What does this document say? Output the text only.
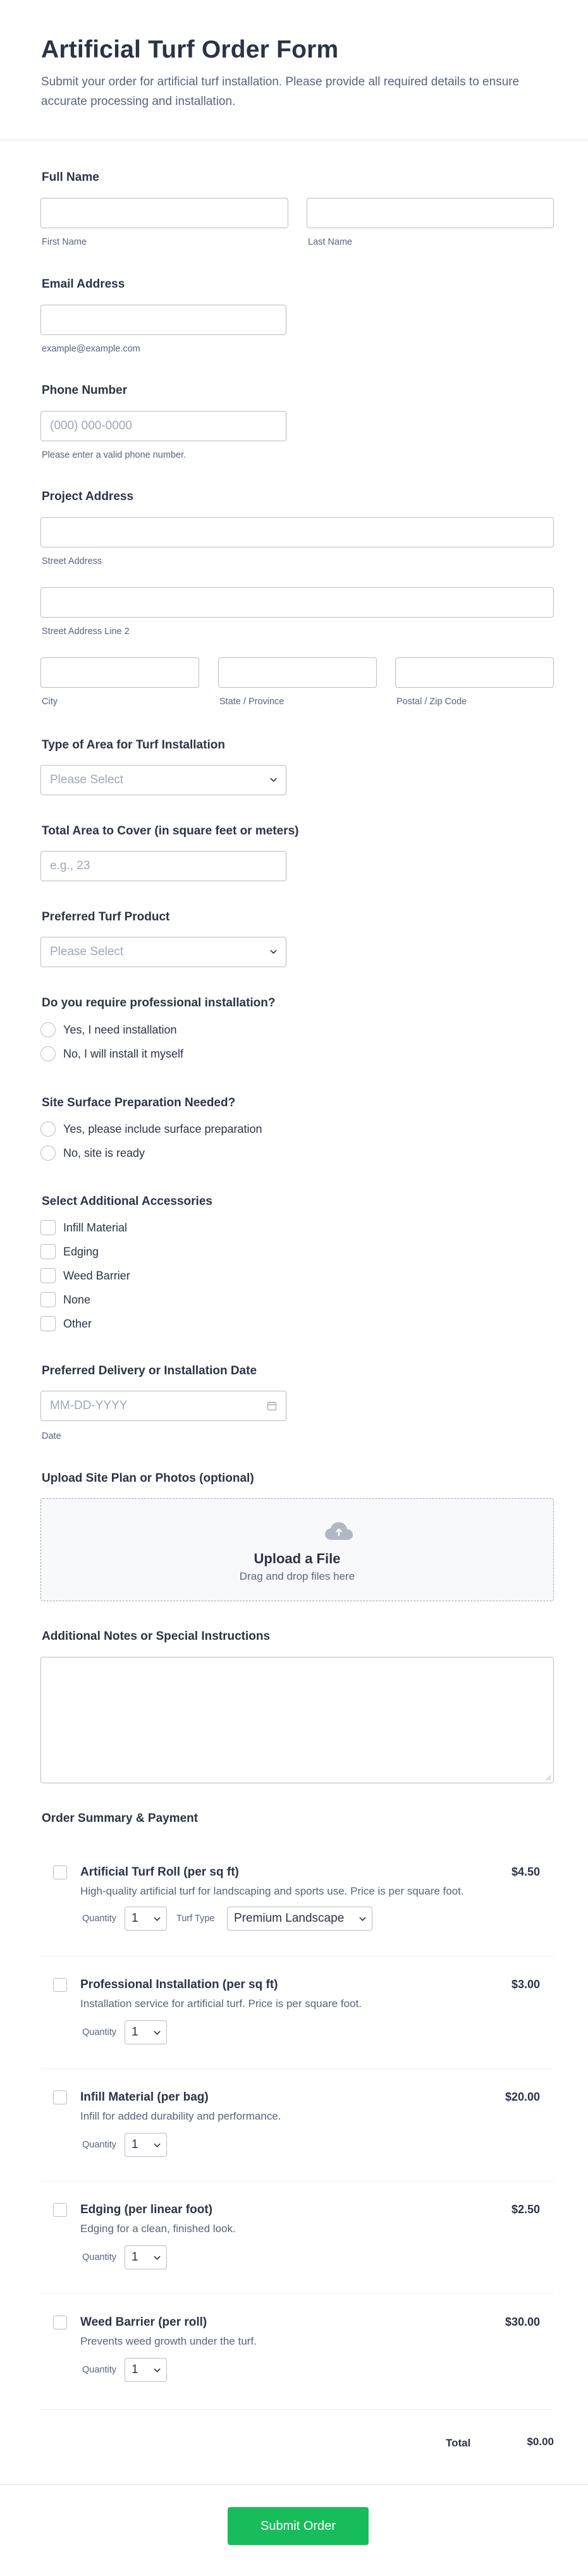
Artificial Turf Order Form

Submit your order for artificial turf installation. Please provide all required details to ensure accurate processing and installation.

Full Name
First Name	Last Name
Email Address
example@example.com
Phone Number
(000) 000-0000
Please enter a valid phone number.
Project Address
Street Address
Street Address Line 2
City	State / Province	Postal / Zip Code
Type of Area for Turf Installation
Please Select
Total Area to Cover (in square feet or meters)
e.g., 23
Preferred Turf Product
Please Select
Do you require professional installation?
Yes, I need installation
No, I will install it myself
Site Surface Preparation Needed?
Yes, please include surface preparation
No, site is ready
Select Additional Accessories
Infill Material
Edging
Weed Barrier
None
Other
Preferred Delivery or Installation Date
MM-DD-YYYY
Date
Upload Site Plan or Photos (optional)
Upload a File
Drag and drop files here
Additional Notes or Special Instructions
Order Summary & Payment
Artificial Turf Roll (per sq ft)	$4.50
High-quality artificial turf for landscaping and sports use. Price is per square foot.
Quantity 1	Turf Type Premium Landscape
Professional Installation (per sq ft)	$3.00
Installation service for artificial turf. Price is per square foot.
Quantity 1
Infill Material (per bag)	$20.00
Infill for added durability and performance.
Quantity 1
Edging (per linear foot)	$2.50
Edging for a clean, finished look.
Quantity 1
Weed Barrier (per roll)	$30.00
Prevents weed growth under the turf.
Quantity 1
Total	$0.00
Submit Order
